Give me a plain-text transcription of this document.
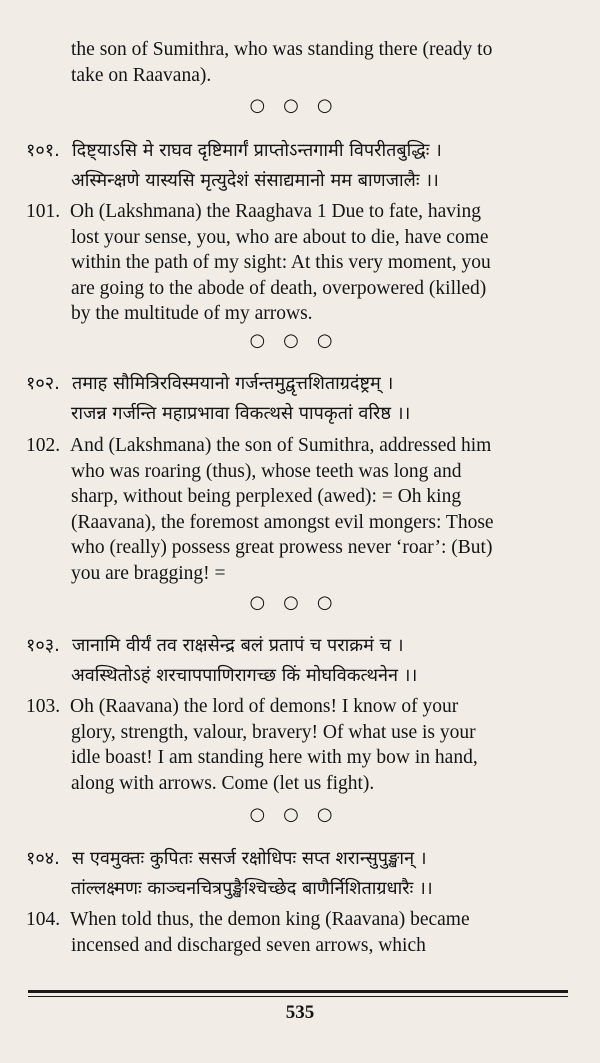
the son of Sumithra, who was standing there (ready to
take on Raavana).
○○○
१०१. दिष्ट्याऽसि मे राघव दृष्टिमार्गं प्राप्तोऽन्तगामी विपरीतबुद्धिः ।
अस्मिन्क्षणे यास्यसि मृत्युदेशं संसाद्यमानो मम बाणजालैः ।।
101. Oh (Lakshmana) the Raaghava 1 Due to fate, having
lost your sense, you, who are about to die, have come
within the path of my sight: At this very moment, you
are going to the abode of death, overpowered (killed)
by the multitude of my arrows.
○○○
१०२. तमाह सौमित्रिरविस्मयानो गर्जन्तमुद्वृत्तशिताग्रदंष्ट्रम् ।
राजन्न गर्जन्ति महाप्रभावा विकत्थसे पापकृतां वरिष्ठ ।।
102. And (Lakshmana) the son of Sumithra, addressed him
who was roaring (thus), whose teeth was long and
sharp, without being perplexed (awed): = Oh king
(Raavana), the foremost amongst evil mongers: Those
who (really) possess great prowess never ‘roar’: (But)
you are bragging! =
○○○
१०३. जानामि वीर्यं तव राक्षसेन्द्र बलं प्रतापं च पराक्रमं च ।
अवस्थितोऽहं शरचापपाणिरागच्छ किं मोघविकत्थनेन ।।
103. Oh (Raavana) the lord of demons! I know of your
glory, strength, valour, bravery! Of what use is your
idle boast! I am standing here with my bow in hand,
along with arrows. Come (let us fight).
○○○
१०४. स एवमुक्तः कुपितः ससर्ज रक्षोधिपः सप्त शरान्सुपुङ्खान् ।
तांल्लक्ष्मणः काञ्चनचित्रपुङ्खैश्चिच्छेद बाणैर्निशिताग्रधारैः ।।
104. When told thus, the demon king (Raavana) became
incensed and discharged seven arrows, which
535
